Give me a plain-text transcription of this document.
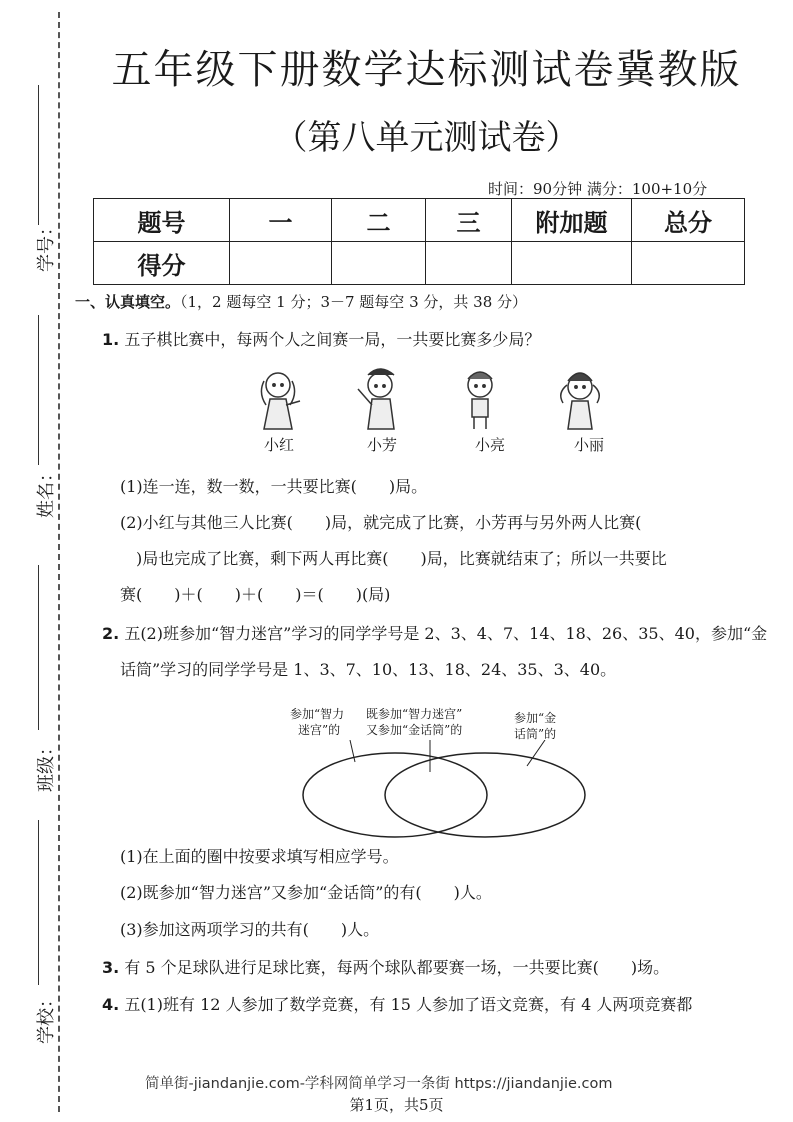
学号：
姓名：
班级：
学校：
五年级下册数学达标测试卷冀教版
（第八单元测试卷）
时间：90分钟 满分：100+10分
题号	一	二	三	附加题	总分
得分					
一、认真填空。（1，2 题每空 1 分；3－7 题每空 3 分，共 38 分）
1. 五子棋比赛中，每两个人之间赛一局，一共要比赛多少局？
小红	小芳	小亮	小丽
(1)连一连，数一数，一共要比赛(　　)局。
(2)小红与其他三人比赛(　　)局，就完成了比赛，小芳再与另外两人比赛(
　)局也完成了比赛，剩下两人再比赛(　　)局，比赛就结束了；所以一共要比
赛(　　)＋(　　)＋(　　)＝(　　)(局)
2. 五(2)班参加“智力迷宫”学习的同学学号是 2、3、4、7、14、18、26、35、40，参加“金
话筒”学习的同学学号是 1、3、7、10、13、18、24、35、3、40。
参加“智力
迷宫”的
既参加“智力迷宫”
又参加“金话筒”的
参加“金
话筒”的
(1)在上面的圈中按要求填写相应学号。
(2)既参加“智力迷宫”又参加“金话筒”的有(　　)人。
(3)参加这两项学习的共有(　　)人。
3. 有 5 个足球队进行足球比赛，每两个球队都要赛一场，一共要比赛(　　)场。
4. 五(1)班有 12 人参加了数学竞赛，有 15 人参加了语文竞赛，有 4 人两项竞赛都
简单街-jiandanjie.com-学科网简单学习一条街 https://jiandanjie.com
第1页，共5页
